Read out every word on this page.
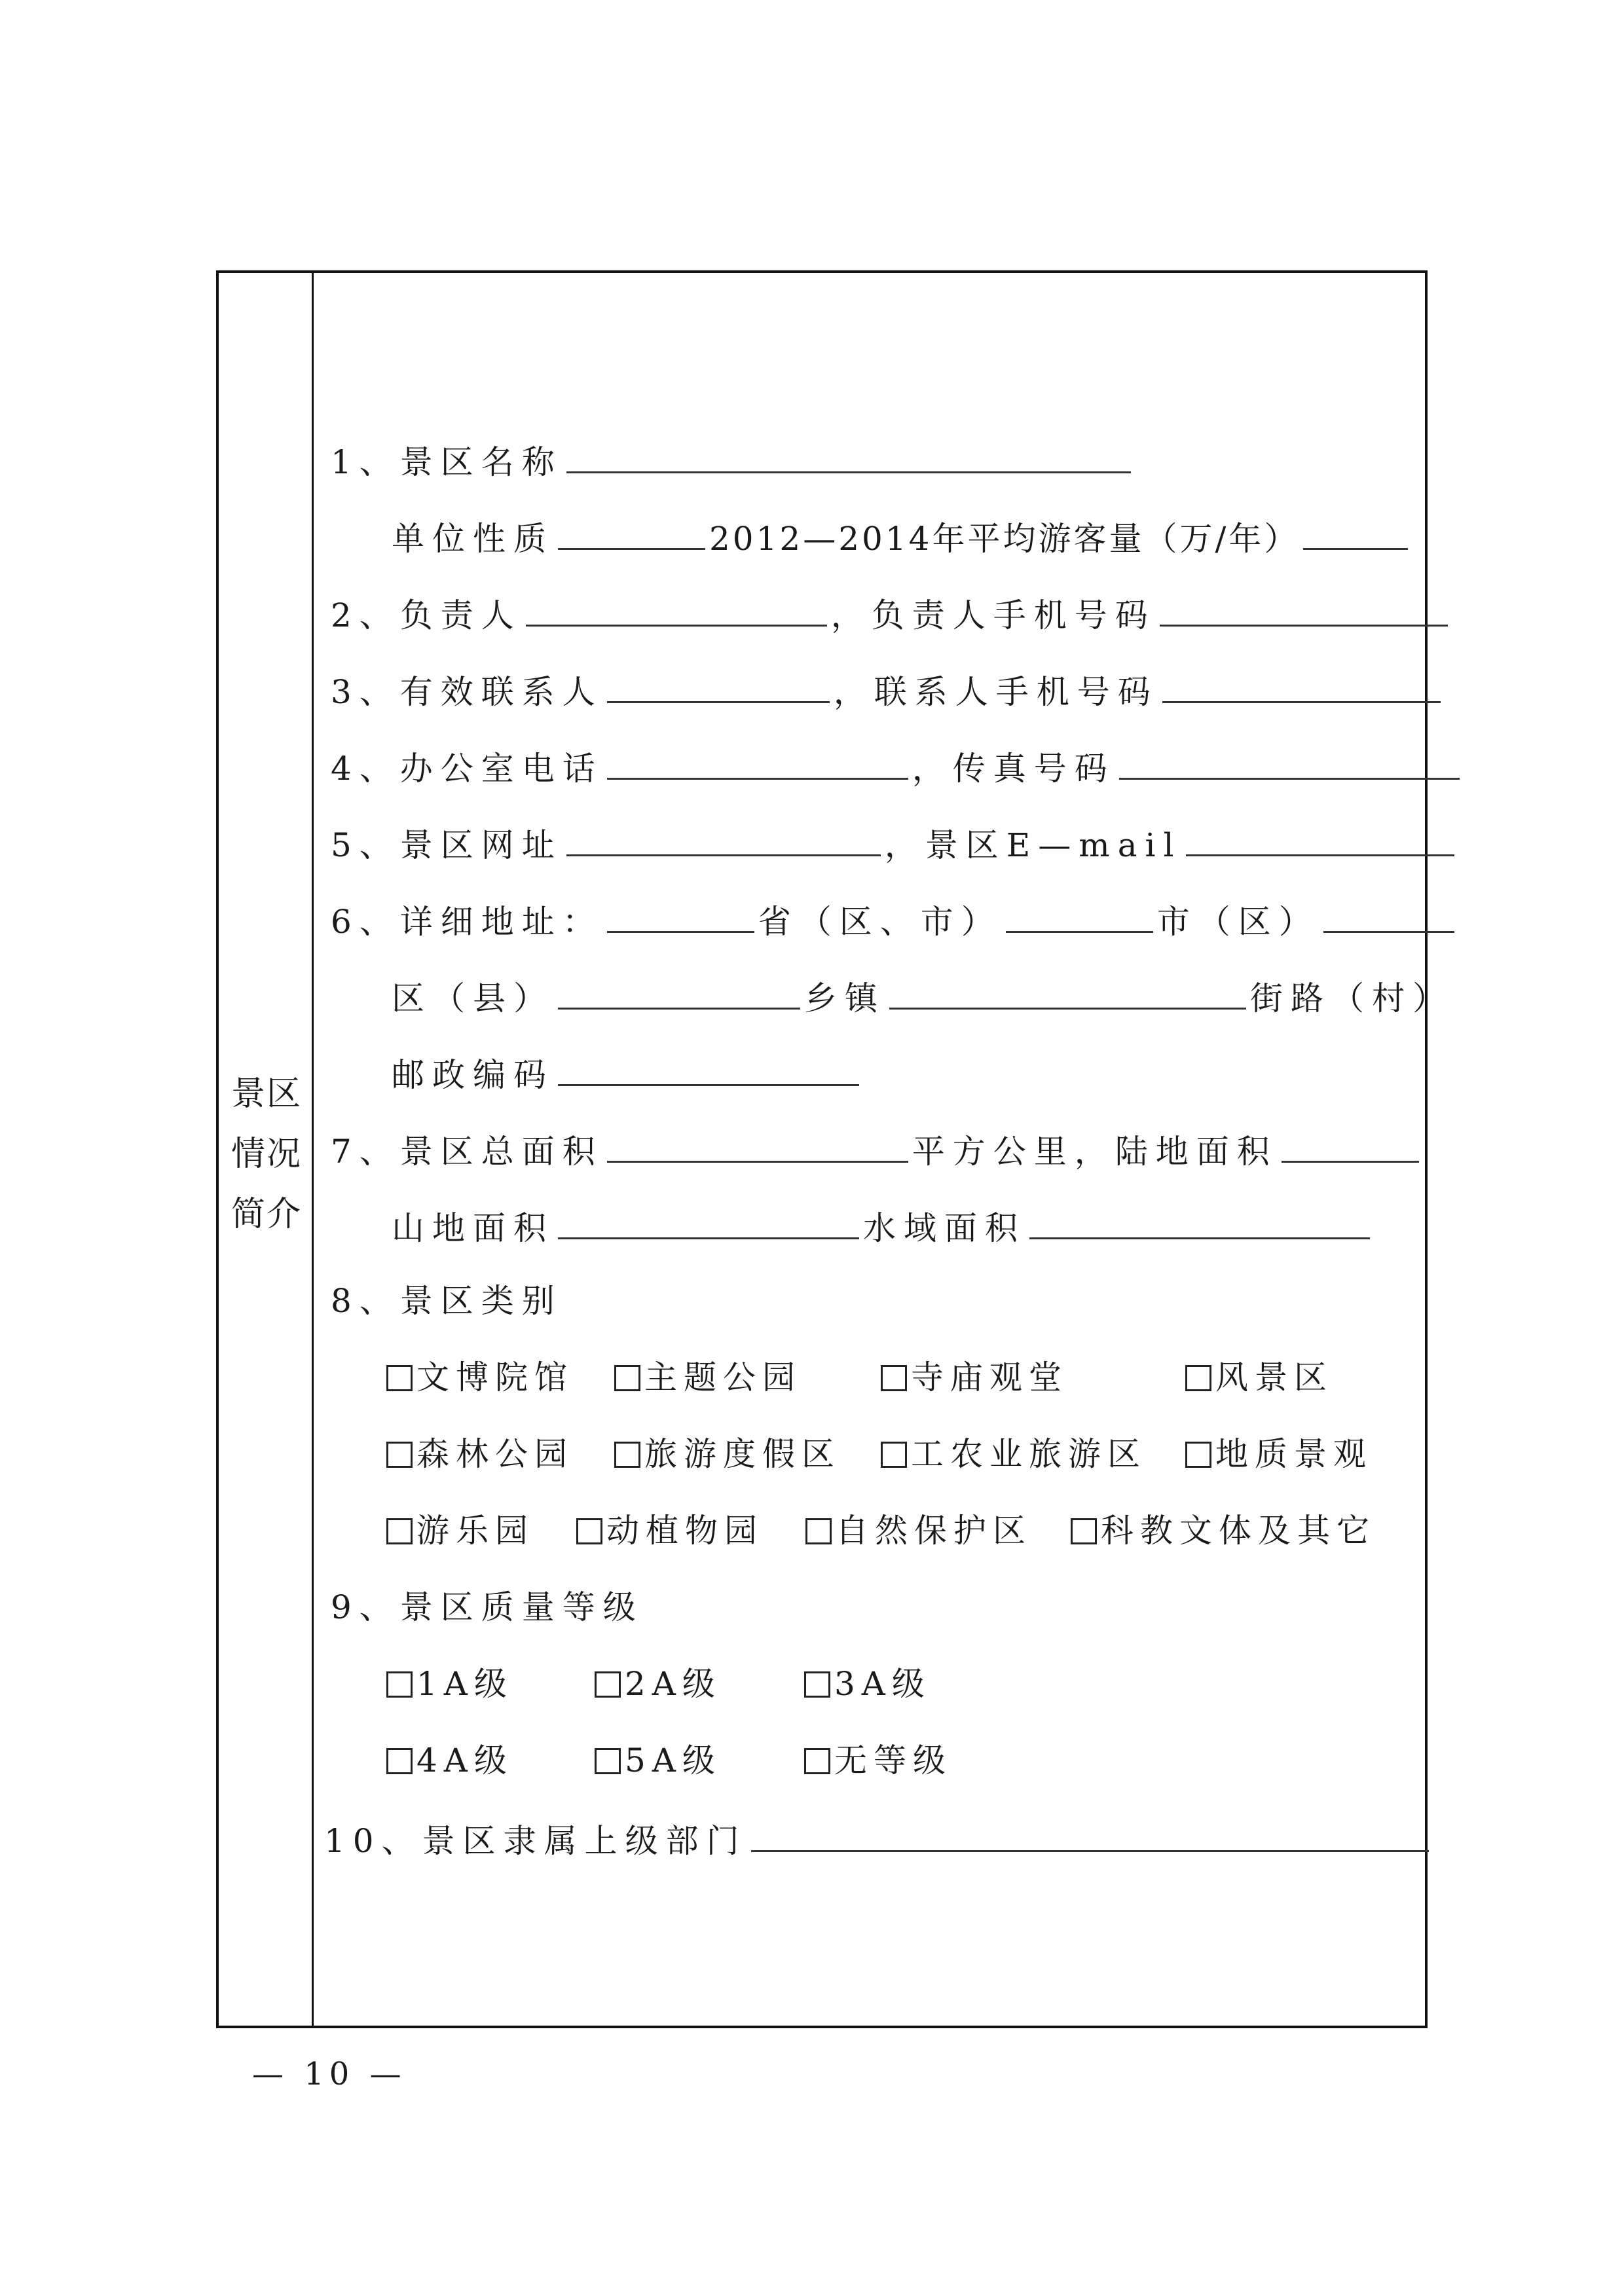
景区
情况
简介
1、景区名称
单位性质	2012—2014年平均游客量（万/年）
2、负责人	，负责人手机号码
3、有效联系人	，联系人手机号码
4、办公室电话	，传真号码
5、景区网址	，景区E—mail
6、详细地址：	省（区、市）	市（区）
区（县）	乡镇	街路（村）
邮政编码
7、景区总面积	平方公里，陆地面积
山地面积	水域面积
8、景区类别
文博院馆	主题公园	寺庙观堂	风景区
森林公园	旅游度假区	工农业旅游区	地质景观
游乐园	动植物园	自然保护区	科教文体及其它
9、景区质量等级
1A级	2A级	3A级
4A级	5A级	无等级
10、景区隶属上级部门
— 10 —
